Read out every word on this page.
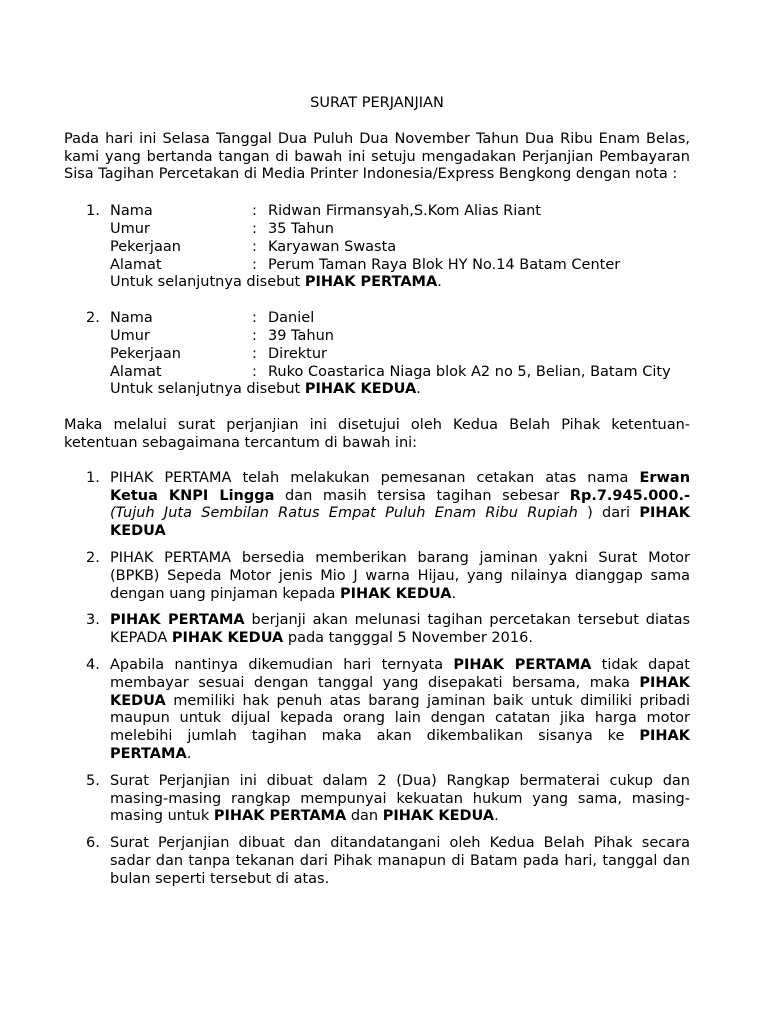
SURAT PERJANJIAN

Pada hari ini Selasa Tanggal Dua Puluh Dua November Tahun Dua Ribu Enam Belas, kami yang bertanda tangan di bawah ini setuju mengadakan Perjanjian Pembayaran Sisa Tagihan Percetakan di Media Printer Indonesia/Express Bengkong dengan nota :

1. Nama	: Ridwan Firmansyah,S.Kom Alias Riant
Umur	: 35 Tahun
Pekerjaan	: Karyawan Swasta
Alamat	: Perum Taman Raya Blok HY No.14 Batam Center
Untuk selanjutnya disebut PIHAK PERTAMA.
2. Nama	: Daniel
Umur	: 39 Tahun
Pekerjaan	: Direktur
Alamat	: Ruko Coastarica Niaga blok A2 no 5, Belian, Batam City
Untuk selanjutnya disebut PIHAK KEDUA.

Maka melalui surat perjanjian ini disetujui oleh Kedua Belah Pihak ketentuan-ketentuan sebagaimana tercantum di bawah ini:

1. PIHAK PERTAMA telah melakukan pemesanan cetakan atas nama Erwan Ketua KNPI Lingga dan masih tersisa tagihan sebesar Rp.7.945.000.- (Tujuh Juta Sembilan Ratus Empat Puluh Enam Ribu Rupiah ) dari PIHAK KEDUA
2. PIHAK PERTAMA bersedia memberikan barang jaminan yakni Surat Motor (BPKB) Sepeda Motor jenis Mio J warna Hijau, yang nilainya dianggap sama dengan uang pinjaman kepada PIHAK KEDUA.
3. PIHAK PERTAMA berjanji akan melunasi tagihan percetakan tersebut diatas KEPADA PIHAK KEDUA pada tangggal 5 November 2016.
4. Apabila nantinya dikemudian hari ternyata PIHAK PERTAMA tidak dapat membayar sesuai dengan tanggal yang disepakati bersama, maka PIHAK KEDUA memiliki hak penuh atas barang jaminan baik untuk dimiliki pribadi maupun untuk dijual kepada orang lain dengan catatan jika harga motor melebihi jumlah tagihan maka akan dikembalikan sisanya ke PIHAK PERTAMA.
5. Surat Perjanjian ini dibuat dalam 2 (Dua) Rangkap bermaterai cukup dan masing-masing rangkap mempunyai kekuatan hukum yang sama, masing-masing untuk PIHAK PERTAMA dan PIHAK KEDUA.
6. Surat Perjanjian dibuat dan ditandatangani oleh Kedua Belah Pihak secara sadar dan tanpa tekanan dari Pihak manapun di Batam pada hari, tanggal dan bulan seperti tersebut di atas.
